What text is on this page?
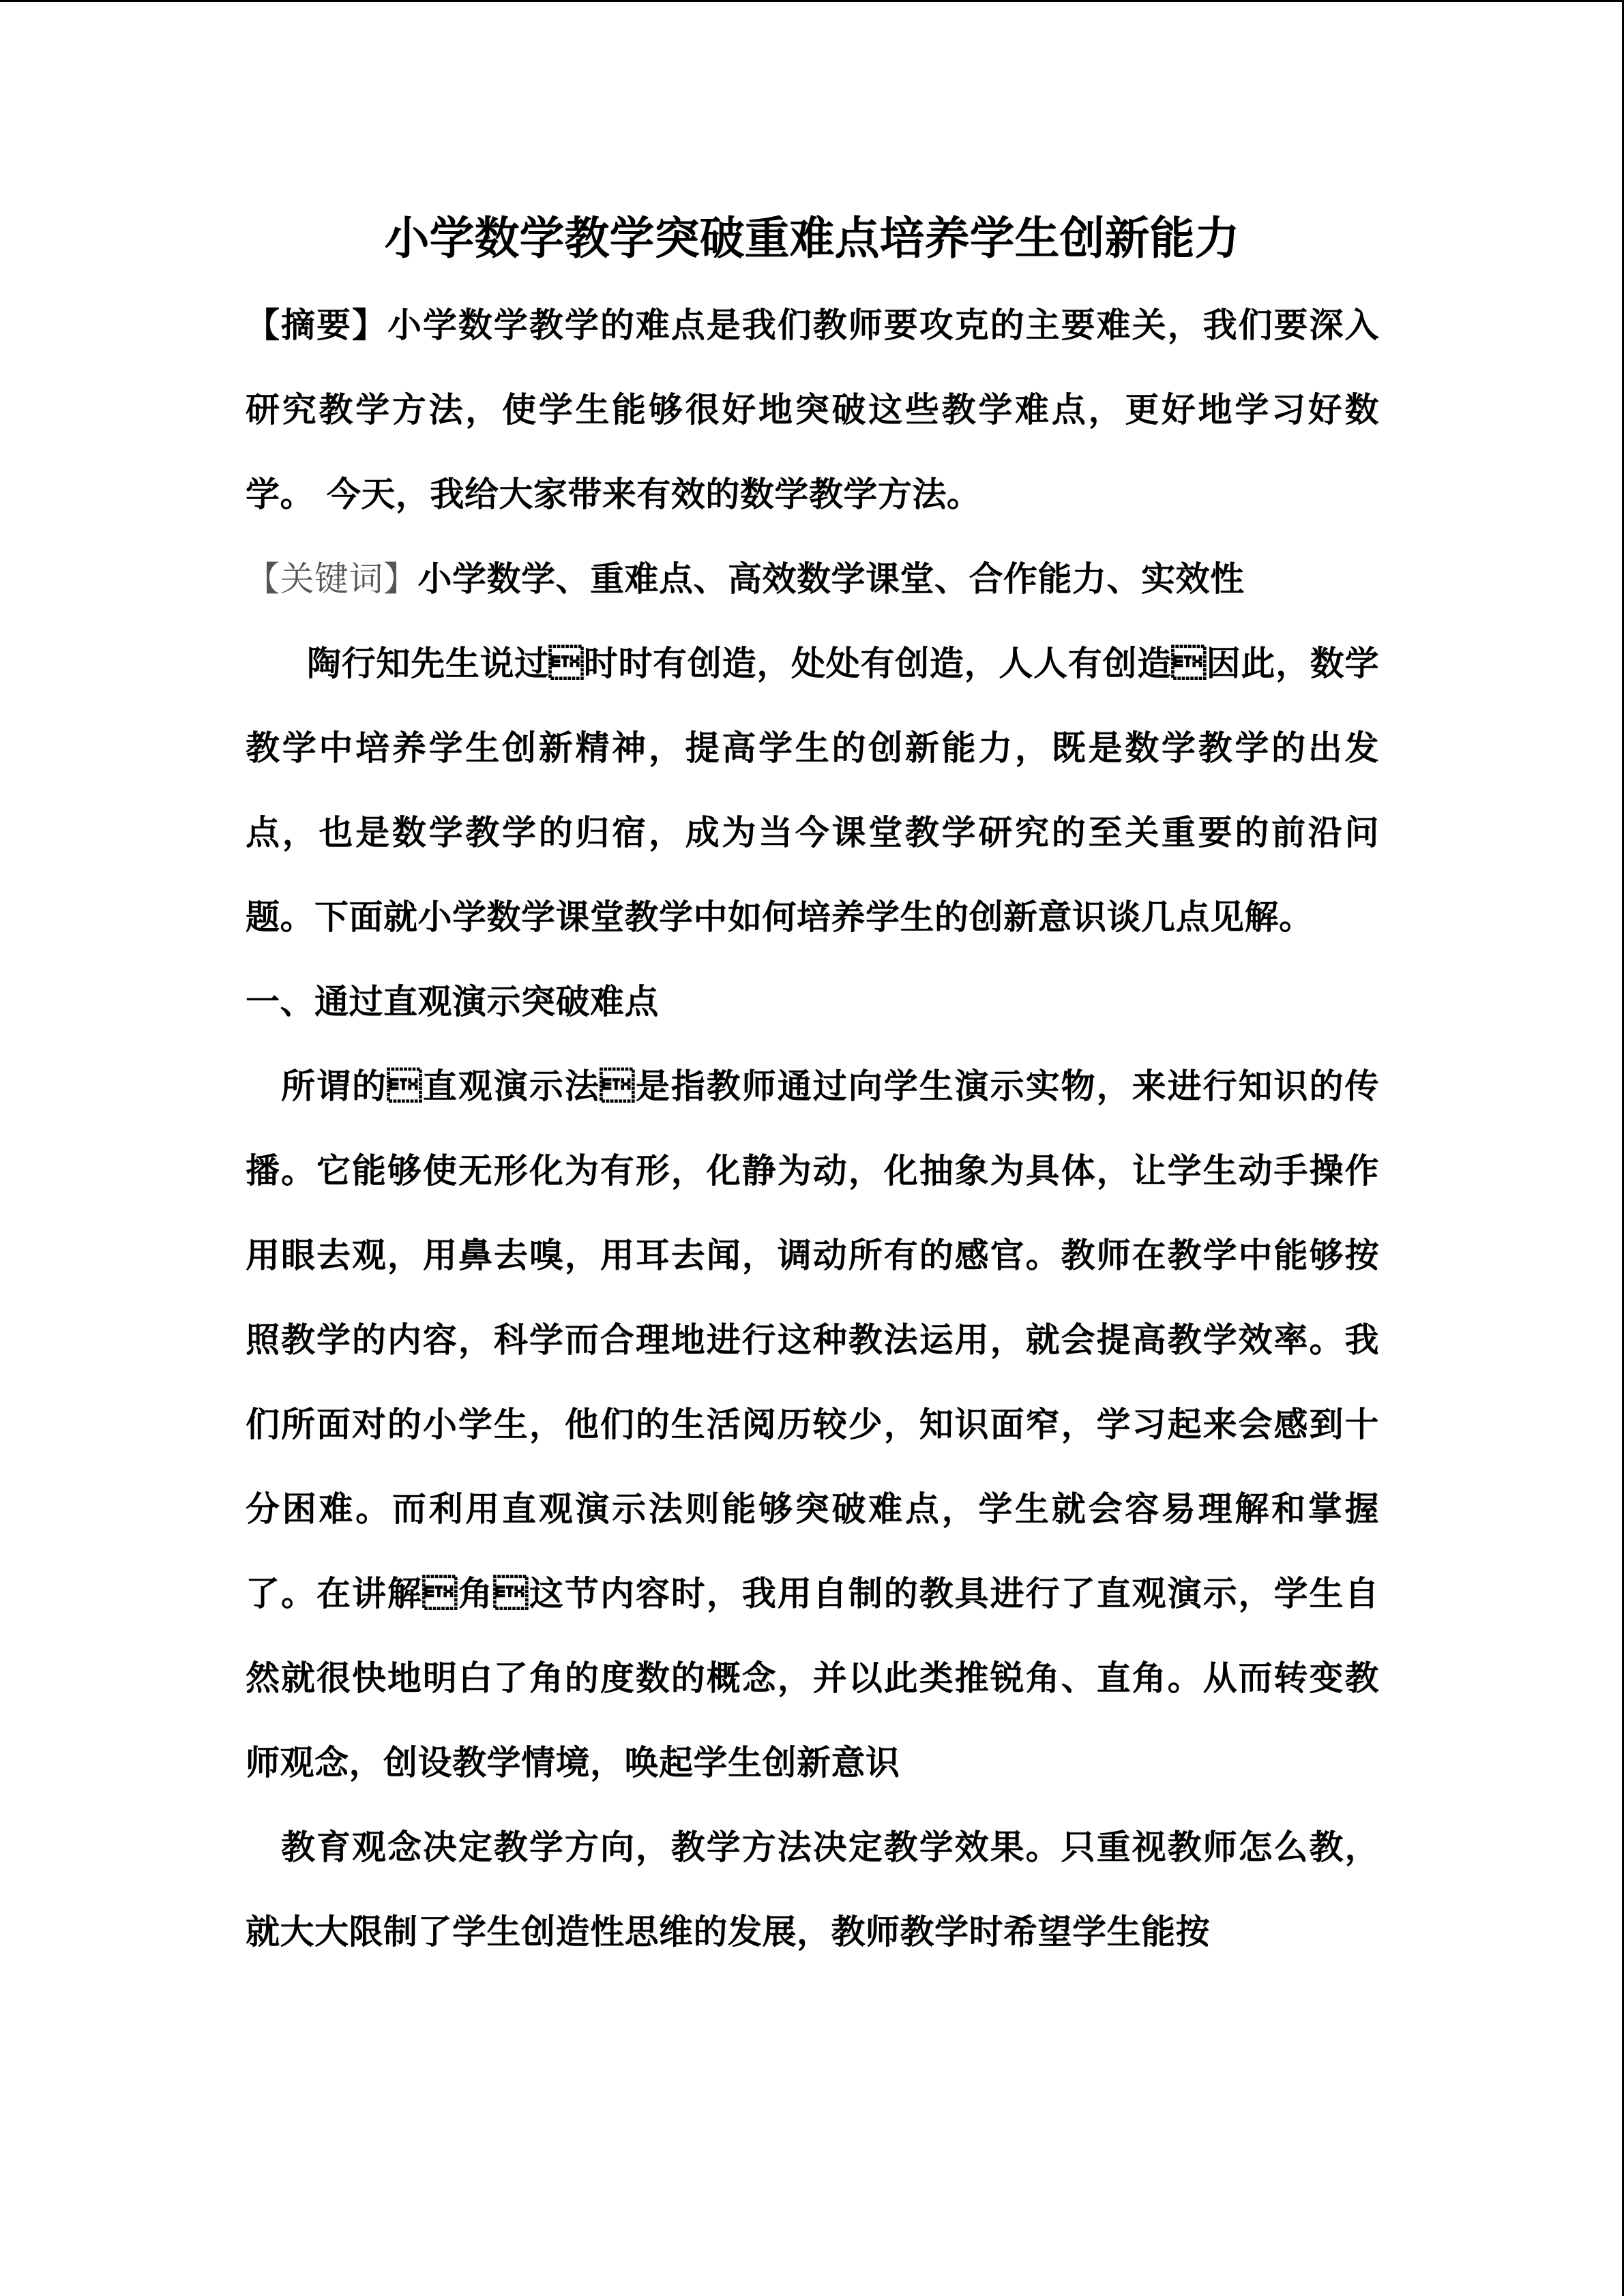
小学数学教学突破重难点培养学生创新能力

【摘要】小学数学教学的难点是我们教师要攻克的主要难关，我们要深入研究教学方法，使学生能够很好地突破这些教学难点，更好地学习好数学。 今天，我给大家带来有效的数学教学方法。

【关键词】小学数学、重难点、高效数学课堂、合作能力、实效性

陶行知先生说过时时有创造，处处有创造，人人有创造因此，数学教学中培养学生创新精神，提高学生的创新能力，既是数学教学的出发点，也是数学教学的归宿，成为当今课堂教学研究的至关重要的前沿问题。下面就小学数学课堂教学中如何培养学生的创新意识谈几点见解。

一、通过直观演示突破难点

所谓的直观演示法是指教师通过向学生演示实物，来进行知识的传播。它能够使无形化为有形，化静为动，化抽象为具体，让学生动手操作用眼去观，用鼻去嗅，用耳去闻，调动所有的感官。教师在教学中能够按照教学的内容，科学而合理地进行这种教法运用，就会提高教学效率。我们所面对的小学生，他们的生活阅历较少，知识面窄，学习起来会感到十分困难。而利用直观演示法则能够突破难点，学生就会容易理解和掌握了。在讲解角这节内容时，我用自制的教具进行了直观演示，学生自然就很快地明白了角的度数的概念，并以此类推锐角、直角。从而转变教师观念，创设教学情境，唤起学生创新意识

教育观念决定教学方向，教学方法决定教学效果。只重视教师怎么教，就大大限制了学生创造性思维的发展，教师教学时希望学生能按
